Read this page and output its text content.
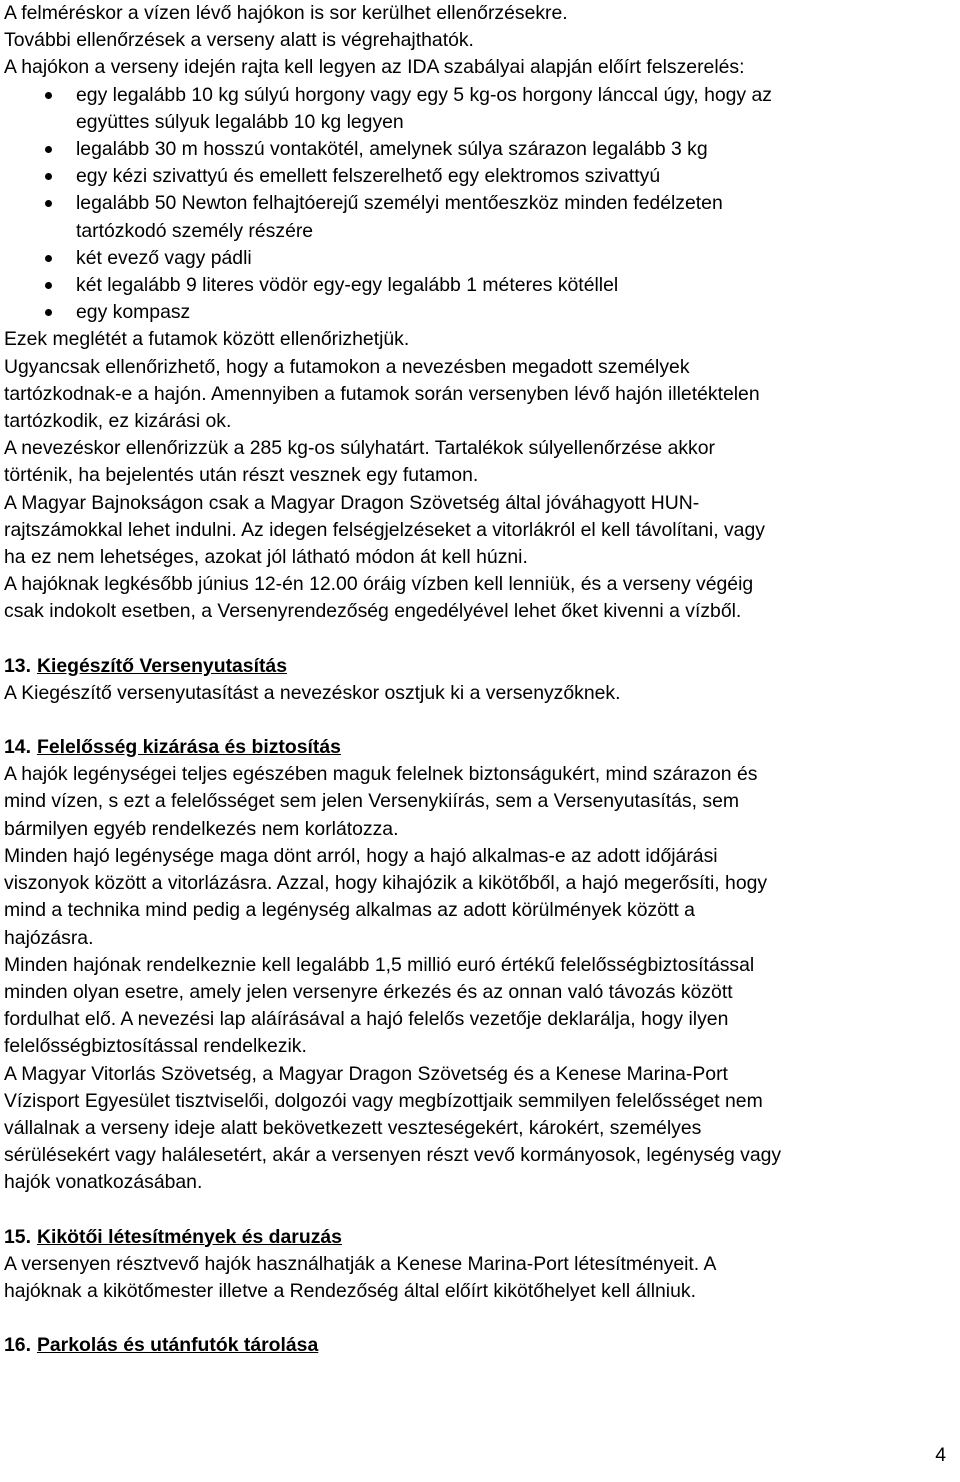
A felméréskor a vízen lévő hajókon is sor kerülhet ellenőrzésekre.

További ellenőrzések a verseny alatt is végrehajthatók.

A hajókon a verseny idején rajta kell legyen az IDA szabályai alapján előírt felszerelés:

egy legalább 10 kg súlyú horgony vagy egy 5 kg-os horgony lánccal úgy, hogy az
együttes súlyuk legalább 10 kg legyen
legalább 30 m hosszú vontakötél, amelynek súlya szárazon legalább 3 kg
egy kézi szivattyú és emellett felszerelhető egy elektromos szivattyú
legalább 50 Newton felhajtóerejű személyi mentőeszköz minden fedélzeten
tartózkodó személy részére
két evező vagy pádli
két legalább 9 literes vödör egy-egy legalább 1 méteres kötéllel
egy kompasz

Ezek meglétét a futamok között ellenőrizhetjük.

Ugyancsak ellenőrizhető, hogy a futamokon a nevezésben megadott személyek

tartózkodnak-e a hajón. Amennyiben a futamok során versenyben lévő hajón illetéktelen

tartózkodik, ez kizárási ok.

A nevezéskor ellenőrizzük a 285 kg-os súlyhatárt. Tartalékok súlyellenőrzése akkor

történik, ha bejelentés után részt vesznek egy futamon.

A Magyar Bajnokságon csak a Magyar Dragon Szövetség által jóváhagyott HUN-

rajtszámokkal lehet indulni. Az idegen felségjelzéseket a vitorlákról el kell távolítani, vagy

ha ez nem lehetséges, azokat jól látható módon át kell húzni.

A hajóknak legkésőbb június 12-én 12.00 óráig vízben kell lenniük, és a verseny végéig

csak indokolt esetben, a Versenyrendezőség engedélyével lehet őket kivenni a vízből.

13. Kiegészítő Versenyutasítás

A Kiegészítő versenyutasítást a nevezéskor osztjuk ki a versenyzőknek.

14. Felelősség kizárása és biztosítás

A hajók legénységei teljes egészében maguk felelnek biztonságukért, mind szárazon és

mind vízen, s ezt a felelősséget sem jelen Versenykiírás, sem a Versenyutasítás, sem

bármilyen egyéb rendelkezés nem korlátozza.

Minden hajó legénysége maga dönt arról, hogy a hajó alkalmas-e az adott időjárási

viszonyok között a vitorlázásra. Azzal, hogy kihajózik a kikötőből, a hajó megerősíti, hogy

mind a technika mind pedig a legénység alkalmas az adott körülmények között a

hajózásra.

Minden hajónak rendelkeznie kell legalább 1,5 millió euró értékű felelősségbiztosítással

minden olyan esetre, amely jelen versenyre érkezés és az onnan való távozás között

fordulhat elő. A nevezési lap aláírásával a hajó felelős vezetője deklarálja, hogy ilyen

felelősségbiztosítással rendelkezik.

A Magyar Vitorlás Szövetség, a Magyar Dragon Szövetség és a Kenese Marina-Port

Vízisport Egyesület tisztviselői, dolgozói vagy megbízottjaik semmilyen felelősséget nem

vállalnak a verseny ideje alatt bekövetkezett veszteségekért, károkért, személyes

sérülésekért vagy halálesetért, akár a versenyen részt vevő kormányosok, legénység vagy

hajók vonatkozásában.

15. Kikötői létesítmények és daruzás

A versenyen résztvevő hajók használhatják a Kenese Marina-Port létesítményeit. A

hajóknak a kikötőmester illetve a Rendezőség által előírt kikötőhelyet kell állniuk.

16. Parkolás és utánfutók tárolása
4
